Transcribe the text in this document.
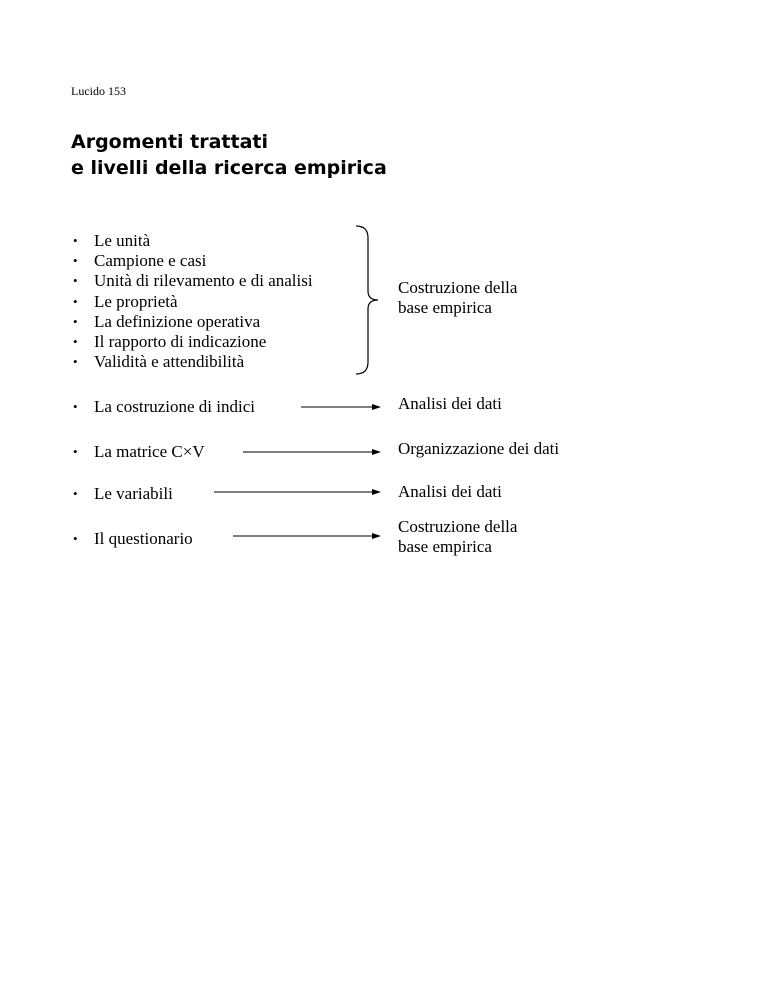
Lucido 153
Argomenti trattati
e livelli della ricerca empirica
• Le unità
• Campione e casi
• Unità di rilevamento e di analisi
• Le proprietà
• La definizione operativa
• Il rapporto di indicazione
• Validità e attendibilità
Costruzione della
base empirica
• La costruzione di indici	Analisi dei dati
• La matrice C×V	Organizzazione dei dati
• Le variabili	Analisi dei dati
• Il questionario
Costruzione della
base empirica
